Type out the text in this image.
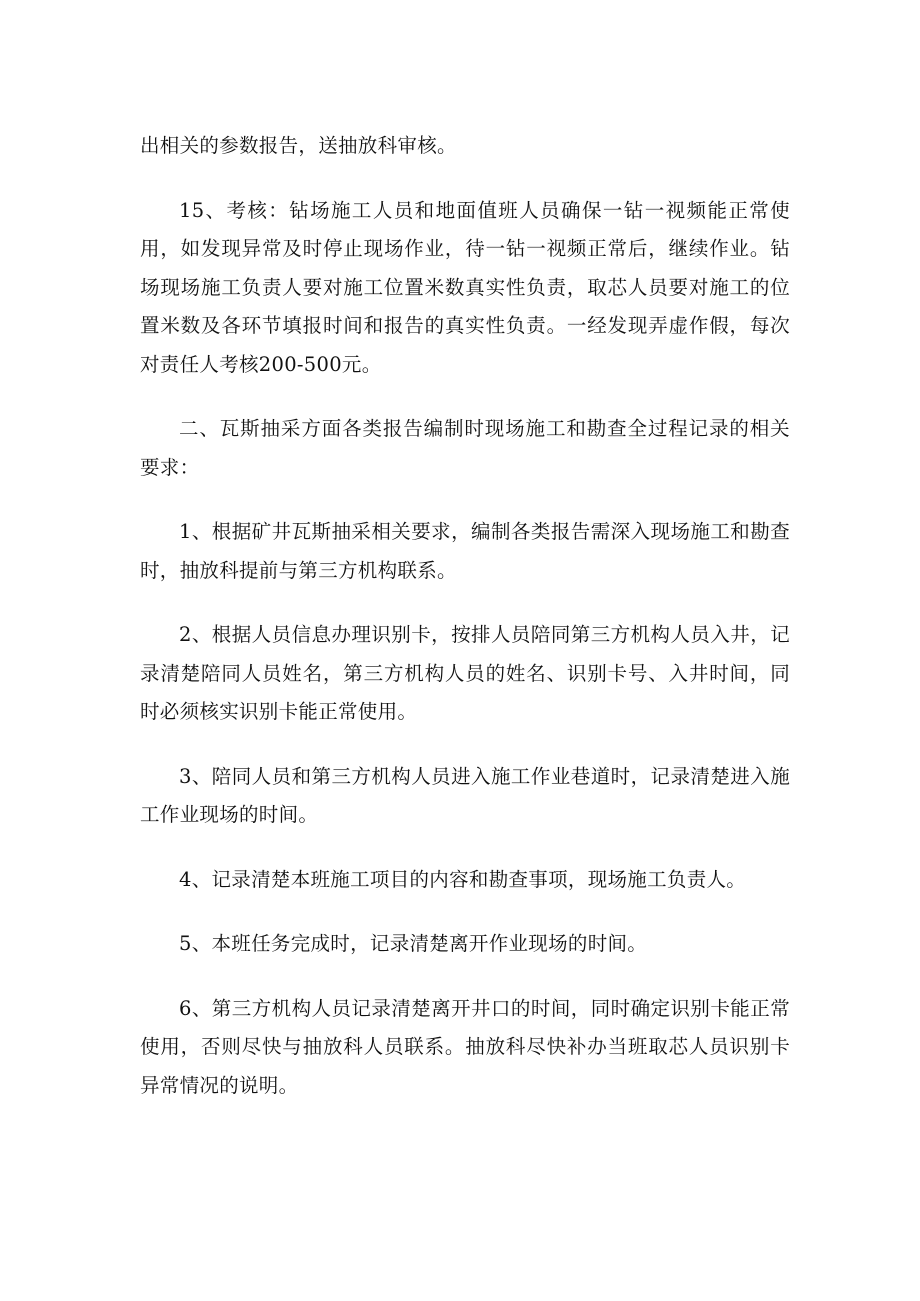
出相关的参数报告，送抽放科审核。

15、考核：钻场施工人员和地面值班人员确保一钻一视频能正常使用，如发现异常及时停止现场作业，待一钻一视频正常后，继续作业。钻场现场施工负责人要对施工位置米数真实性负责，取芯人员要对施工的位置米数及各环节填报时间和报告的真实性负责。一经发现弄虚作假，每次对责任人考核200-500元。

二、瓦斯抽采方面各类报告编制时现场施工和勘查全过程记录的相关要求：

1、根据矿井瓦斯抽采相关要求，编制各类报告需深入现场施工和勘查时，抽放科提前与第三方机构联系。

2、根据人员信息办理识别卡，按排人员陪同第三方机构人员入井，记录清楚陪同人员姓名，第三方机构人员的姓名、识别卡号、入井时间，同时必须核实识别卡能正常使用。

3、陪同人员和第三方机构人员进入施工作业巷道时，记录清楚进入施工作业现场的时间。

4、记录清楚本班施工项目的内容和勘查事项，现场施工负责人。

5、本班任务完成时，记录清楚离开作业现场的时间。

6、第三方机构人员记录清楚离开井口的时间，同时确定识别卡能正常使用，否则尽快与抽放科人员联系。抽放科尽快补办当班取芯人员识别卡异常情况的说明。
